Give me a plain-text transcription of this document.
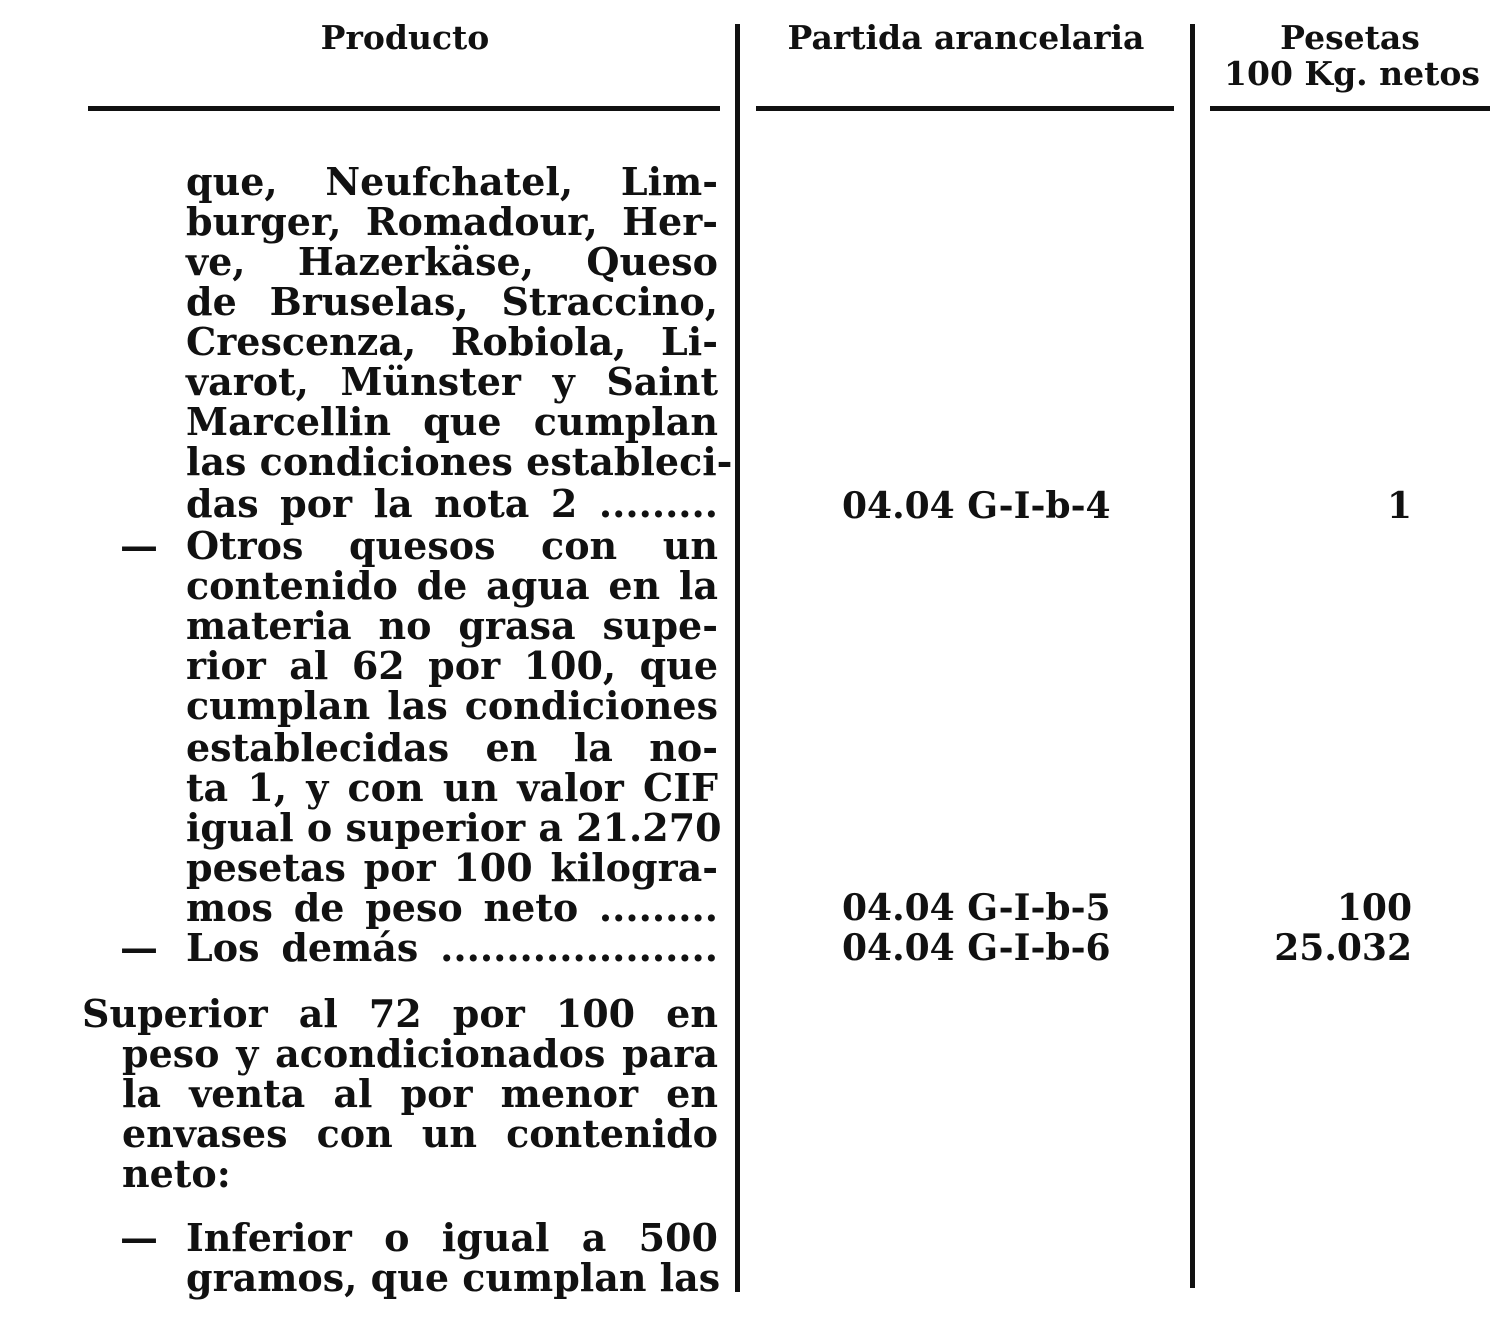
Producto	Partida arancelaria	Pesetas
100 Kg. netos
que, Neufchatel, Lim-
burger, Romadour, Her-
ve, Hazerkäse, Queso
de Bruselas, Straccino,
Crescenza, Robiola, Li-
varot, Münster y Saint
Marcellin que cumplan
las condiciones estableci-
das por la nota 2 .........	04.04 G-I-b-4	1
— Otros quesos con un
contenido de agua en la
materia no grasa supe-
rior al 62 por 100, que
cumplan las condiciones
establecidas en la no-
ta 1, y con un valor CIF
igual o superior a 21.270
pesetas por 100 kilogra-
mos de peso neto .........	04.04 G-I-b-5	100
— Los demás .....................	04.04 G-I-b-6	25.032
Superior al 72 por 100 en
peso y acondicionados para
la venta al por menor en
envases con un contenido
neto:
— Inferior o igual a 500
gramos, que cumplan las
